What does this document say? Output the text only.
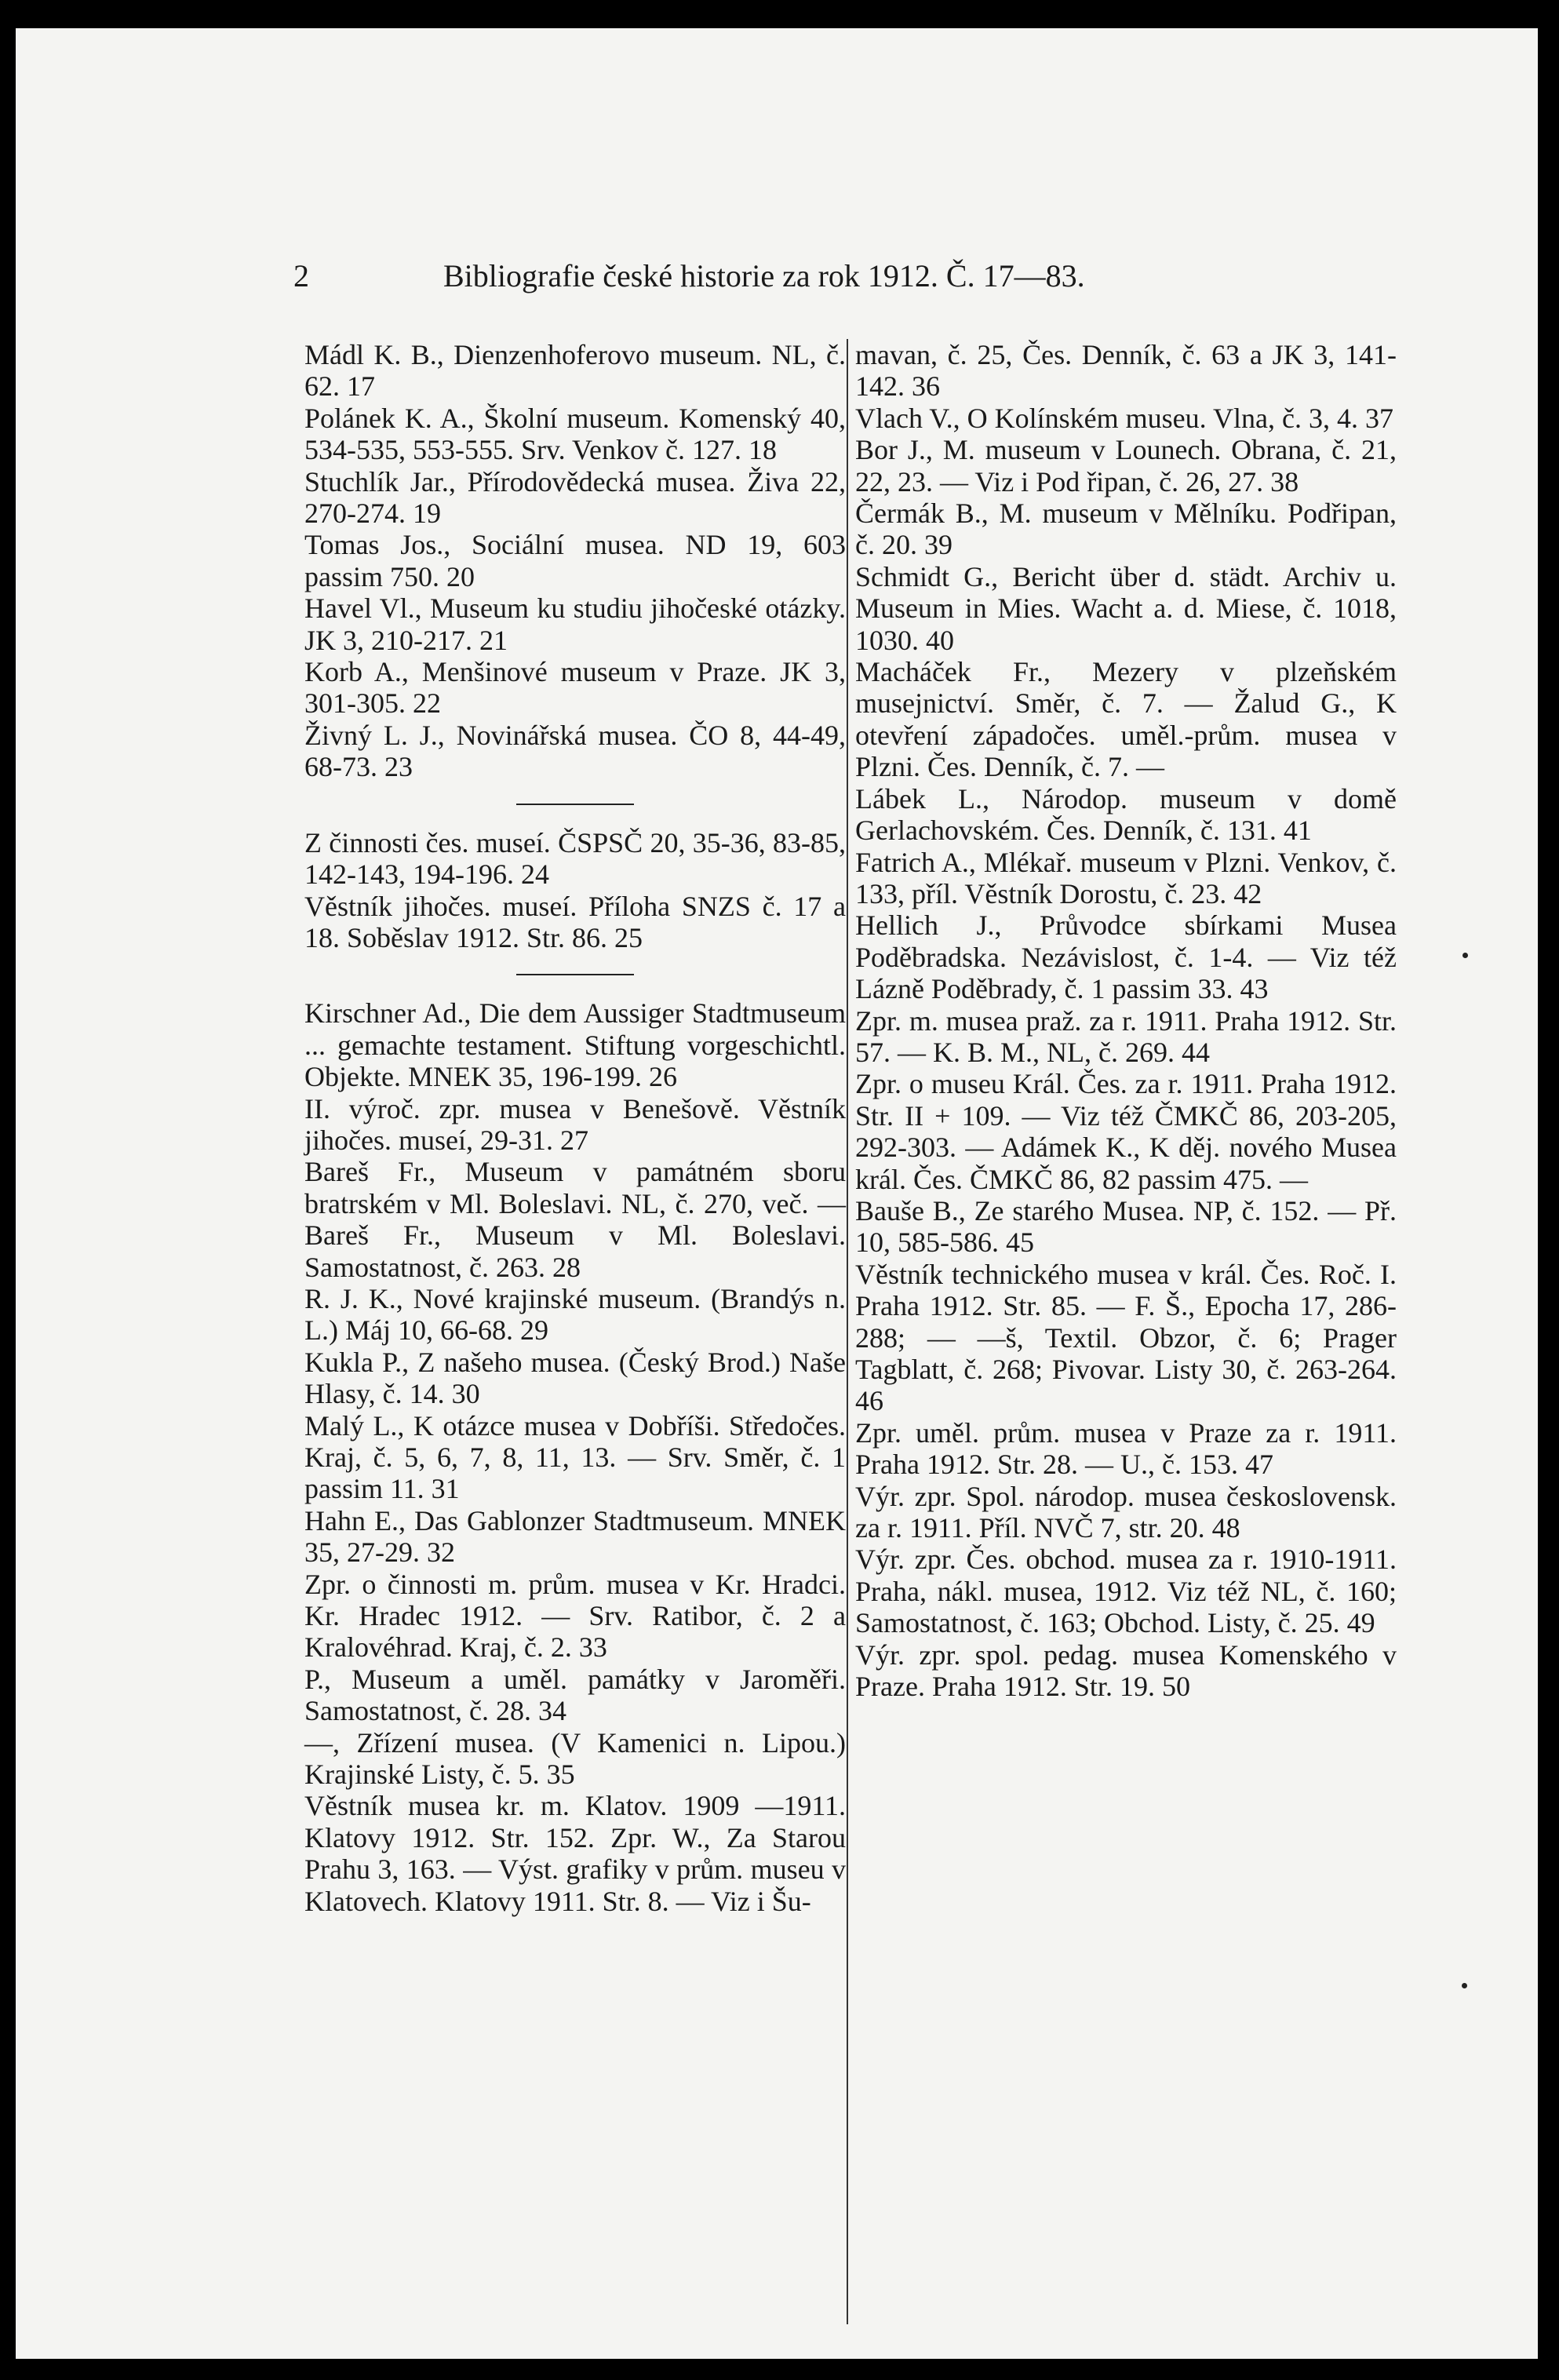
2	Bibliografie české historie za rok 1912. Č. 17—83.
Mádl K. B., Dienzenhoferovo museum. NL, č. 62. 17
Polánek K. A., Školní museum. Komenský 40, 534-535, 553-555. Srv. Venkov č. 127. 18
Stuchlík Jar., Přírodovědecká musea. Živa 22, 270-274. 19
Tomas Jos., Sociální musea. ND 19, 603 passim 750. 20
Havel Vl., Museum ku studiu jihočeské otázky. JK 3, 210-217. 21
Korb A., Menšinové museum v Praze. JK 3, 301-305. 22
Živný L. J., Novinářská musea. ČO 8, 44-49, 68-73. 23
Z činnosti čes. museí. ČSPSČ 20, 35-36, 83-85, 142-143, 194-196. 24
Věstník jihočes. museí. Příloha SNZS č. 17 a 18. Soběslav 1912. Str. 86. 25
Kirschner Ad., Die dem Aussiger Stadtmuseum ... gemachte testament. Stiftung vorgeschichtl. Objekte. MNEK 35, 196-199. 26
II. výroč. zpr. musea v Benešově. Věstník jihočes. museí, 29-31. 27
Bareš Fr., Museum v památném sboru bratrském v Ml. Boleslavi. NL, č. 270, več. — Bareš Fr., Museum v Ml. Boleslavi. Samostatnost, č. 263. 28
R. J. K., Nové krajinské museum. (Brandýs n. L.) Máj 10, 66-68. 29
Kukla P., Z našeho musea. (Český Brod.) Naše Hlasy, č. 14. 30
Malý L., K otázce musea v Dobříši. Středočes. Kraj, č. 5, 6, 7, 8, 11, 13. — Srv. Směr, č. 1 passim 11. 31
Hahn E., Das Gablonzer Stadtmuseum. MNEK 35, 27-29. 32
Zpr. o činnosti m. prům. musea v Kr. Hradci. Kr. Hradec 1912. — Srv. Ratibor, č. 2 a Kralovéhrad. Kraj, č. 2. 33
P., Museum a uměl. památky v Jaroměři. Samostatnost, č. 28. 34
—, Zřízení musea. (V Kamenici n. Lipou.) Krajinské Listy, č. 5. 35
Věstník musea kr. m. Klatov. 1909 —1911. Klatovy 1912. Str. 152. Zpr. W., Za Starou Prahu 3, 163. — Výst. grafiky v prům. museu v Klatovech. Klatovy 1911. Str. 8. — Viz i Šu-
mavan, č. 25, Čes. Denník, č. 63 a JK 3, 141-142. 36
Vlach V., O Kolínském museu. Vlna, č. 3, 4. 37
Bor J., M. museum v Lounech. Obrana, č. 21, 22, 23. — Viz i Pod řipan, č. 26, 27. 38
Čermák B., M. museum v Mělníku. Podřipan, č. 20. 39
Schmidt G., Bericht über d. städt. Archiv u. Museum in Mies. Wacht a. d. Miese, č. 1018, 1030. 40
Macháček Fr., Mezery v plzeňském musejnictví. Směr, č. 7. — Žalud G., K otevření západočes. uměl.-prům. musea v Plzni. Čes. Denník, č. 7. —
Lábek L., Národop. museum v domě Gerlachovském. Čes. Denník, č. 131. 41
Fatrich A., Mlékař. museum v Plzni. Venkov, č. 133, příl. Věstník Dorostu, č. 23. 42
Hellich J., Průvodce sbírkami Musea Poděbradska. Nezávislost, č. 1-4. — Viz též Lázně Poděbrady, č. 1 passim 33. 43
Zpr. m. musea praž. za r. 1911. Praha 1912. Str. 57. — K. B. M., NL, č. 269. 44
Zpr. o museu Král. Čes. za r. 1911. Praha 1912. Str. II + 109. — Viz též ČMKČ 86, 203-205, 292-303. — Adámek K., K děj. nového Musea král. Čes. ČMKČ 86, 82 passim 475. —
Bauše B., Ze starého Musea. NP, č. 152. — Př. 10, 585-586. 45
Věstník technického musea v král. Čes. Roč. I. Praha 1912. Str. 85. — F. Š., Epocha 17, 286-288; — —š, Textil. Obzor, č. 6; Prager Tagblatt, č. 268; Pivovar. Listy 30, č. 263-264. 46
Zpr. uměl. prům. musea v Praze za r. 1911. Praha 1912. Str. 28. — U., č. 153. 47
Výr. zpr. Spol. národop. musea československ. za r. 1911. Příl. NVČ 7, str. 20. 48
Výr. zpr. Čes. obchod. musea za r. 1910-1911. Praha, nákl. musea, 1912. Viz též NL, č. 160; Samostatnost, č. 163; Obchod. Listy, č. 25. 49
Výr. zpr. spol. pedag. musea Komenského v Praze. Praha 1912. Str. 19. 50
